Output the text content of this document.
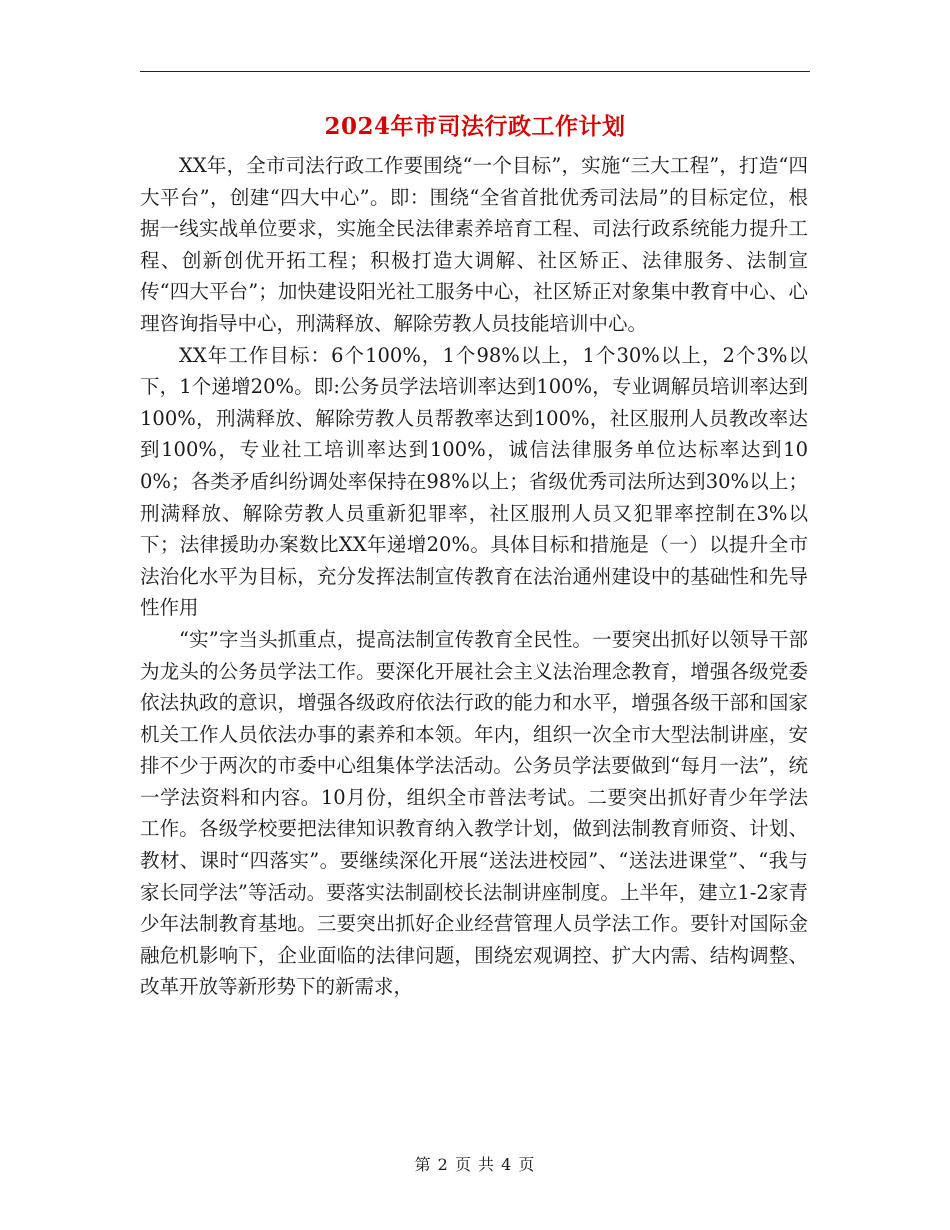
2024年市司法行政工作计划

XX年，全市司法行政工作要围绕“一个目标”，实施“三大工程”，打造“四大平台”，创建“四大中心”。即：围绕“全省首批优秀司法局”的目标定位，根据一线实战单位要求，实施全民法律素养培育工程、司法行政系统能力提升工程、创新创优开拓工程；积极打造大调解、社区矫正、法律服务、法制宣传“四大平台”；加快建设阳光社工服务中心，社区矫正对象集中教育中心、心理咨询指导中心，刑满释放、解除劳教人员技能培训中心。

XX年工作目标：6个100%，1个98%以上，1个30%以上，2个3%以下，1个递增20%。即:公务员学法培训率达到100%，专业调解员培训率达到100%，刑满释放、解除劳教人员帮教率达到100%，社区服刑人员教改率达到100%，专业社工培训率达到100%，诚信法律服务单位达标率达到100%；各类矛盾纠纷调处率保持在98%以上；省级优秀司法所达到30%以上；刑满释放、解除劳教人员重新犯罪率，社区服刑人员又犯罪率控制在3%以下；法律援助办案数比XX年递增20%。具体目标和措施是（一）以提升全市法治化水平为目标，充分发挥法制宣传教育在法治通州建设中的基础性和先导性作用

“实”字当头抓重点，提高法制宣传教育全民性。一要突出抓好以领导干部为龙头的公务员学法工作。要深化开展社会主义法治理念教育，增强各级党委依法执政的意识，增强各级政府依法行政的能力和水平，增强各级干部和国家机关工作人员依法办事的素养和本领。年内，组织一次全市大型法制讲座，安排不少于两次的市委中心组集体学法活动。公务员学法要做到“每月一法”，统一学法资料和内容。10月份，组织全市普法考试。二要突出抓好青少年学法工作。各级学校要把法律知识教育纳入教学计划，做到法制教育师资、计划、教材、课时“四落实”。要继续深化开展“送法进校园”、“送法进课堂”、“我与家长同学法”等活动。要落实法制副校长法制讲座制度。上半年，建立1-2家青少年法制教育基地。三要突出抓好企业经营管理人员学法工作。要针对国际金融危机影响下，企业面临的法律问题，围绕宏观调控、扩大内需、结构调整、改革开放等新形势下的新需求，

第 2 页 共 4 页
